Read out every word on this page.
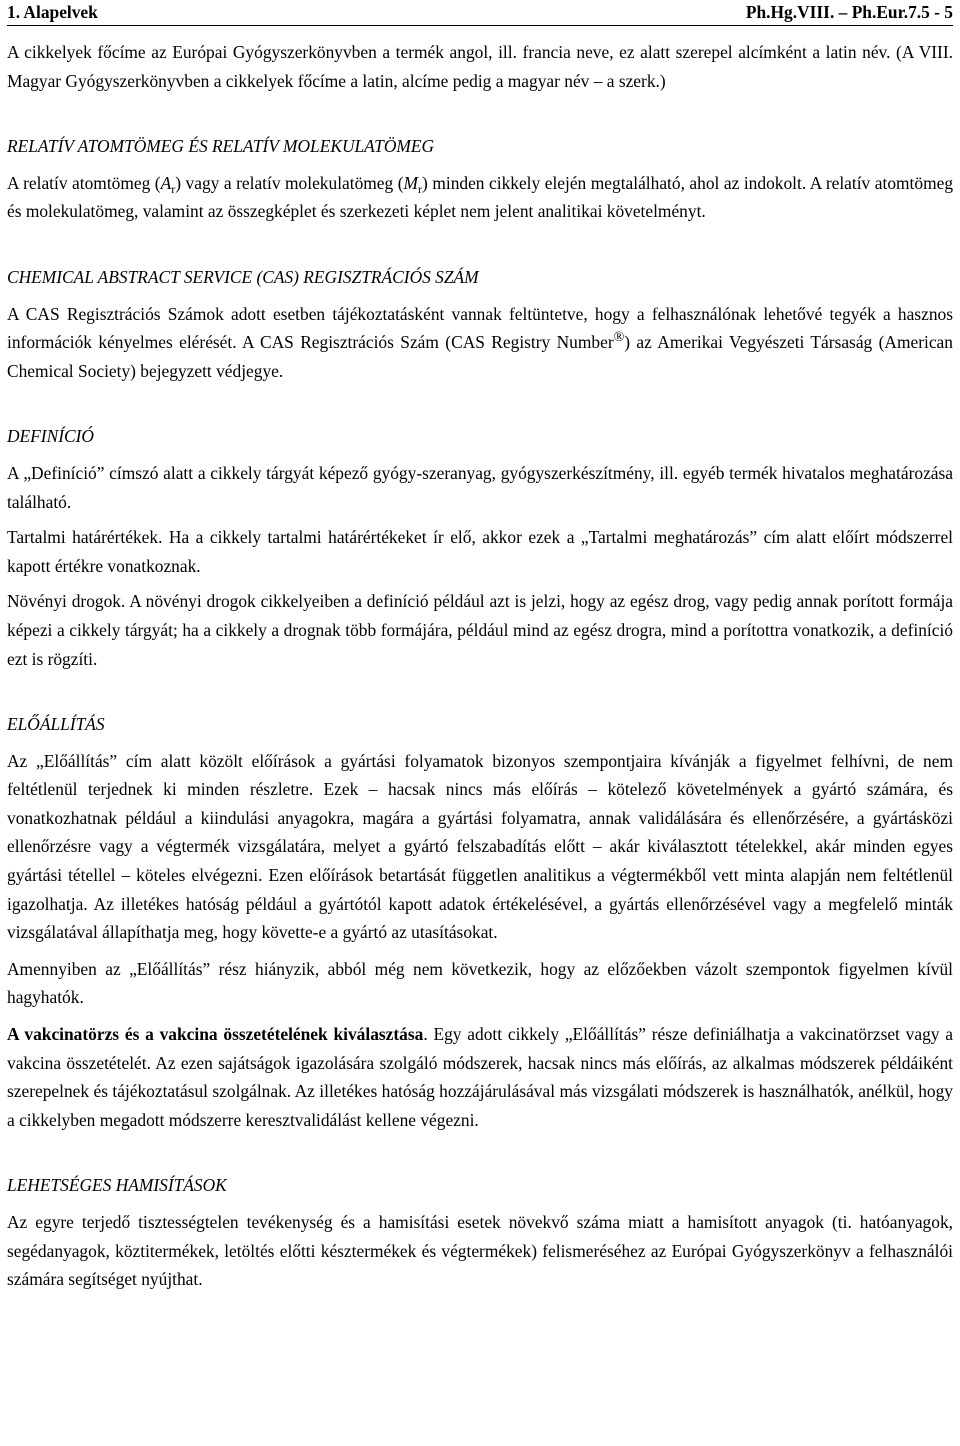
1. Alapelvek	Ph.Hg.VIII. – Ph.Eur.7.5 - 5

A cikkelyek főcíme az Európai Gyógyszerkönyvben a termék angol, ill. francia neve, ez alatt szerepel alcímként a latin név. (A VIII. Magyar Gyógyszerkönyvben a cikkelyek főcíme a latin, alcíme pedig a magyar név – a szerk.)

RELATÍV ATOMTÖMEG ÉS RELATÍV MOLEKULATÖMEG

A relatív atomtömeg $(A_r)$ vagy a relatív molekulatömeg $(M_r)$ minden cikkely elején megtalálható, ahol az indokolt. A relatív atomtömeg és molekulatömeg, valamint az összegképlet és szerkezeti képlet nem jelent analitikai követelményt.

CHEMICAL ABSTRACT SERVICE (CAS) REGISZTRÁCIÓS SZÁM

A CAS Regisztrációs Számok adott esetben tájékoztatásként vannak feltüntetve, hogy a felhasználónak lehetővé tegyék a hasznos információk kényelmes elérését. A CAS Regisztrációs Szám (CAS Registry Number®) az Amerikai Vegyészeti Társaság (American Chemical Society) bejegyzett védjegye.

DEFINÍCIÓ

A „Definíció” címszó alatt a cikkely tárgyát képező gyógy-szeranyag, gyógyszerkészítmény, ill. egyéb termék hivatalos meghatározása található.

Tartalmi határértékek. Ha a cikkely tartalmi határértékeket ír elő, akkor ezek a „Tartalmi meghatározás” cím alatt előírt módszerrel kapott értékre vonatkoznak.

Növényi drogok. A növényi drogok cikkelyeiben a definíció például azt is jelzi, hogy az egész drog, vagy pedig annak porított formája képezi a cikkely tárgyát; ha a cikkely a drognak több formájára, például mind az egész drogra, mind a porítottra vonatkozik, a definíció ezt is rögzíti.

ELŐÁLLÍTÁS

Az „Előállítás” cím alatt közölt előírások a gyártási folyamatok bizonyos szempontjaira kívánják a figyelmet felhívni, de nem feltétlenül terjednek ki minden részletre. Ezek – hacsak nincs más előírás – kötelező követelmények a gyártó számára, és vonatkozhatnak például a kiindulási anyagokra, magára a gyártási folyamatra, annak validálására és ellenőrzésére, a gyártásközi ellenőrzésre vagy a végtermék vizsgálatára, melyet a gyártó felszabadítás előtt – akár kiválasztott tételekkel, akár minden egyes gyártási tétellel – köteles elvégezni. Ezen előírások betartását független analitikus a végtermékből vett minta alapján nem feltétlenül igazolhatja. Az illetékes hatóság például a gyártótól kapott adatok értékelésével, a gyártás ellenőrzésével vagy a megfelelő minták vizsgálatával állapíthatja meg, hogy követte-e a gyártó az utasításokat.

Amennyiben az „Előállítás” rész hiányzik, abból még nem következik, hogy az előzőekben vázolt szempontok figyelmen kívül hagyhatók.

A vakcinatörzs és a vakcina összetételének kiválasztása. Egy adott cikkely „Előállítás” része definiálhatja a vakcinatörzset vagy a vakcina összetételét. Az ezen sajátságok igazolására szolgáló módszerek, hacsak nincs más előírás, az alkalmas módszerek példáiként szerepelnek és tájékoztatásul szolgálnak. Az illetékes hatóság hozzájárulásával más vizsgálati módszerek is használhatók, anélkül, hogy a cikkelyben megadott módszerre keresztvalidálást kellene végezni.

LEHETSÉGES HAMISÍTÁSOK

Az egyre terjedő tisztességtelen tevékenység és a hamisítási esetek növekvő száma miatt a hamisított anyagok (ti. hatóanyagok, segédanyagok, köztitermékek, letöltés előtti késztermékek és végtermékek) felismeréséhez az Európai Gyógyszerkönyv a felhasználói számára segítséget nyújthat.
